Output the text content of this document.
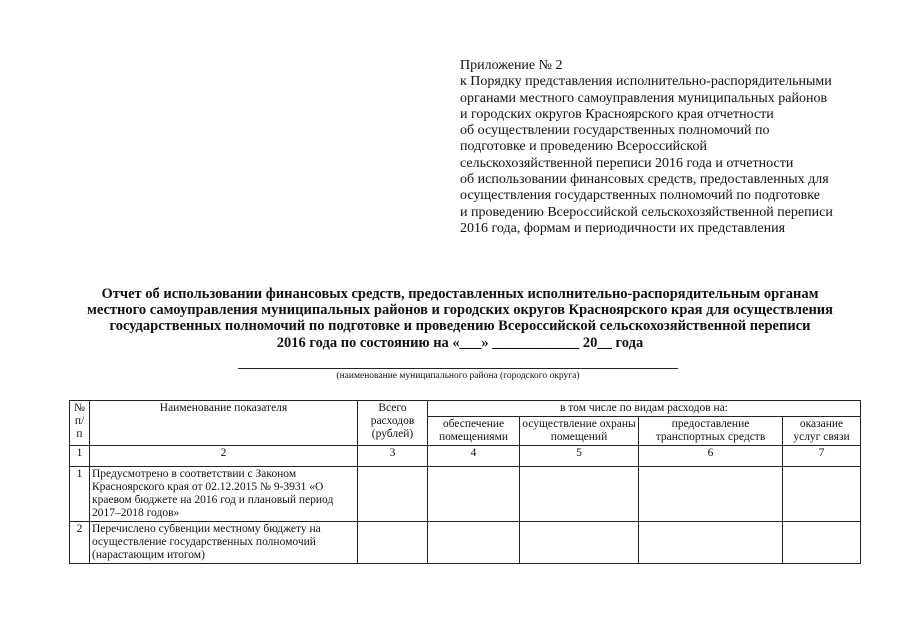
Приложение № 2
к Порядку представления исполнительно-распорядительными
органами местного самоуправления муниципальных районов
и городских округов Красноярского края отчетности
об осуществлении государственных полномочий по
подготовке и проведению Всероссийской
сельскохозяйственной переписи 2016 года и отчетности
об использовании финансовых средств, предоставленных для
осуществления государственных полномочий по подготовке
и проведению Всероссийской сельскохозяйственной переписи
2016 года, формам и периодичности их представления
Отчет об использовании финансовых средств, предоставленных исполнительно-распорядительным органам
местного самоуправления муниципальных районов и городских округов Красноярского края для осуществления
государственных полномочий по подготовке и проведению Всероссийской сельскохозяйственной переписи
2016 года по состоянию на «___» ____________ 20__ года
(наименование муниципального района (городского округа)
№ п/п	Наименование показателя	Всего расходов (рублей)	в том числе по видам расходов на:			
			обеспечение помещениями	осуществление охраны помещений	предоставление транспортных средств	оказание услуг связи
1	2	3	4	5	6	7
1	Предусмотрено в соответствии с Законом Красноярского края от 02.12.2015 № 9-3931 «О краевом бюджете на 2016 год и плановый период 2017–2018 годов»					
2	Перечислено субвенции местному бюджету на осуществление государственных полномочий (нарастающим итогом)					
